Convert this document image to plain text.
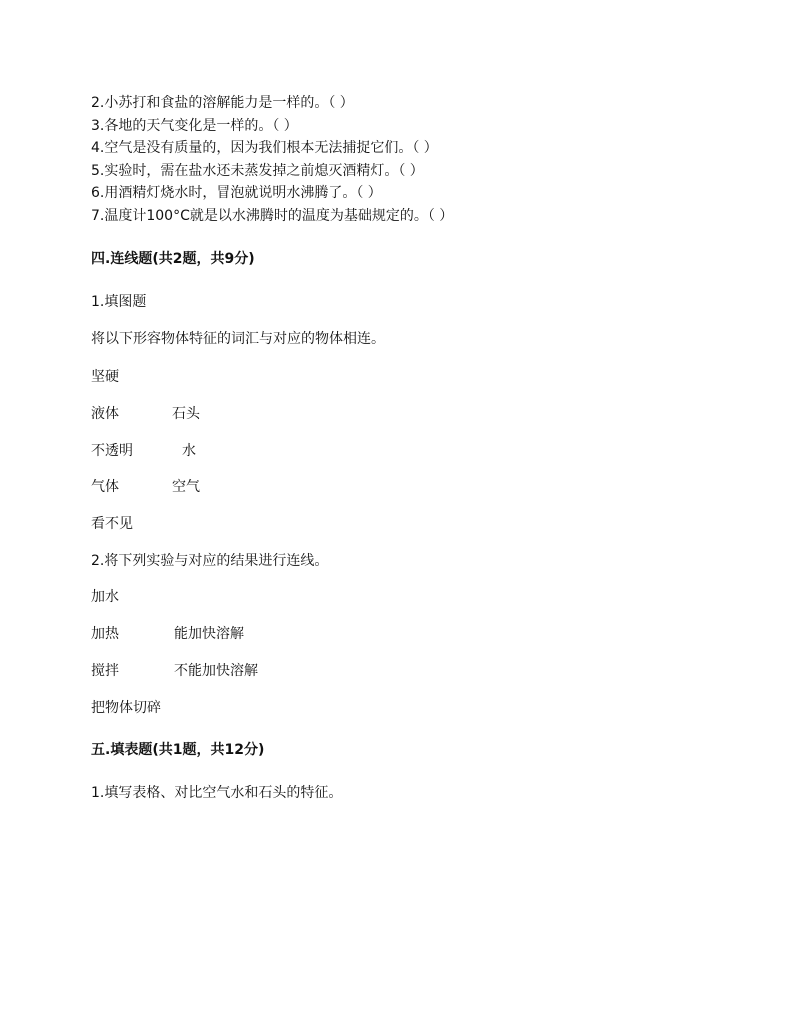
2.小苏打和食盐的溶解能力是一样的。（ ）
3.各地的天气变化是一样的。（ ）
4.空气是没有质量的，因为我们根本无法捕捉它们。（ ）
5.实验时，需在盐水还未蒸发掉之前熄灭酒精灯。（ ）
6.用酒精灯烧水时，冒泡就说明水沸腾了。（ ）
7.温度计100°C就是以水沸腾时的温度为基础规定的。（ ）
四.连线题(共2题，共9分)
1.填图题
将以下形容物体特征的词汇与对应的物体相连。
坚硬
液体	石头
不透明	水
气体	空气
看不见
2.将下列实验与对应的结果进行连线。
加水
加热	能加快溶解
搅拌	不能加快溶解
把物体切碎
五.填表题(共1题，共12分)
1.填写表格、对比空气水和石头的特征。
